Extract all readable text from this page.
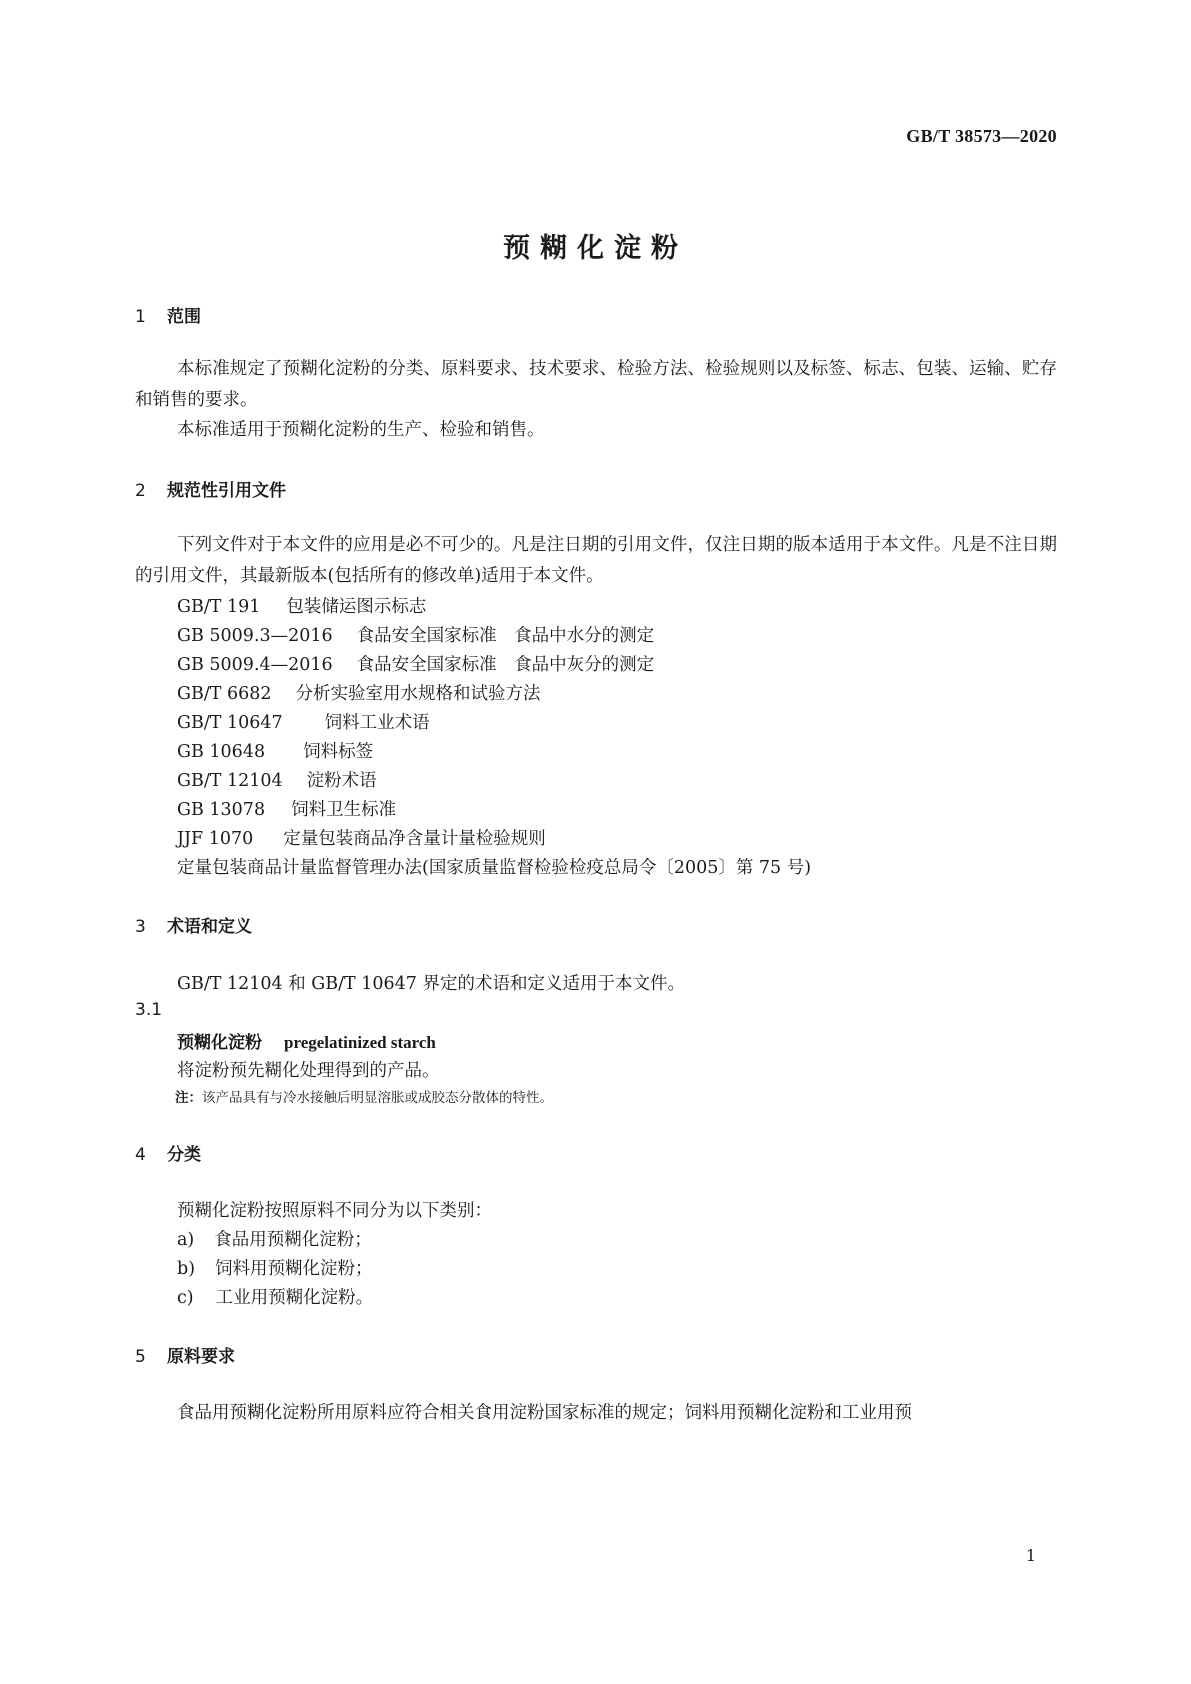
GB/T 38573—2020
预糊化淀粉
1 范围
本标准规定了预糊化淀粉的分类、原料要求、技术要求、检验方法、检验规则以及标签、标志、包装、运输、贮存和销售的要求。
本标准适用于预糊化淀粉的生产、检验和销售。
2 规范性引用文件
下列文件对于本文件的应用是必不可少的。凡是注日期的引用文件，仅注日期的版本适用于本文件。凡是不注日期的引用文件，其最新版本(包括所有的修改单)适用于本文件。
GB/T 191 包装储运图示标志
GB 5009.3—2016 食品安全国家标准　食品中水分的测定
GB 5009.4—2016 食品安全国家标准　食品中灰分的测定
GB/T 6682 分析实验室用水规格和试验方法
GB/T 10647 饲料工业术语
GB 10648 饲料标签
GB/T 12104 淀粉术语
GB 13078 饲料卫生标准
JJF 1070 定量包装商品净含量计量检验规则
定量包装商品计量监督管理办法(国家质量监督检验检疫总局令〔2005〕第 75 号)
3 术语和定义
GB/T 12104 和 GB/T 10647 界定的术语和定义适用于本文件。
3.1
预糊化淀粉 pregelatinized starch
将淀粉预先糊化处理得到的产品。
注：该产品具有与冷水接触后明显溶胀或成胶态分散体的特性。
4 分类
预糊化淀粉按照原料不同分为以下类别：
a) 食品用预糊化淀粉；
b) 饲料用预糊化淀粉；
c) 工业用预糊化淀粉。
5 原料要求
食品用预糊化淀粉所用原料应符合相关食用淀粉国家标准的规定；饲料用预糊化淀粉和工业用预
1
